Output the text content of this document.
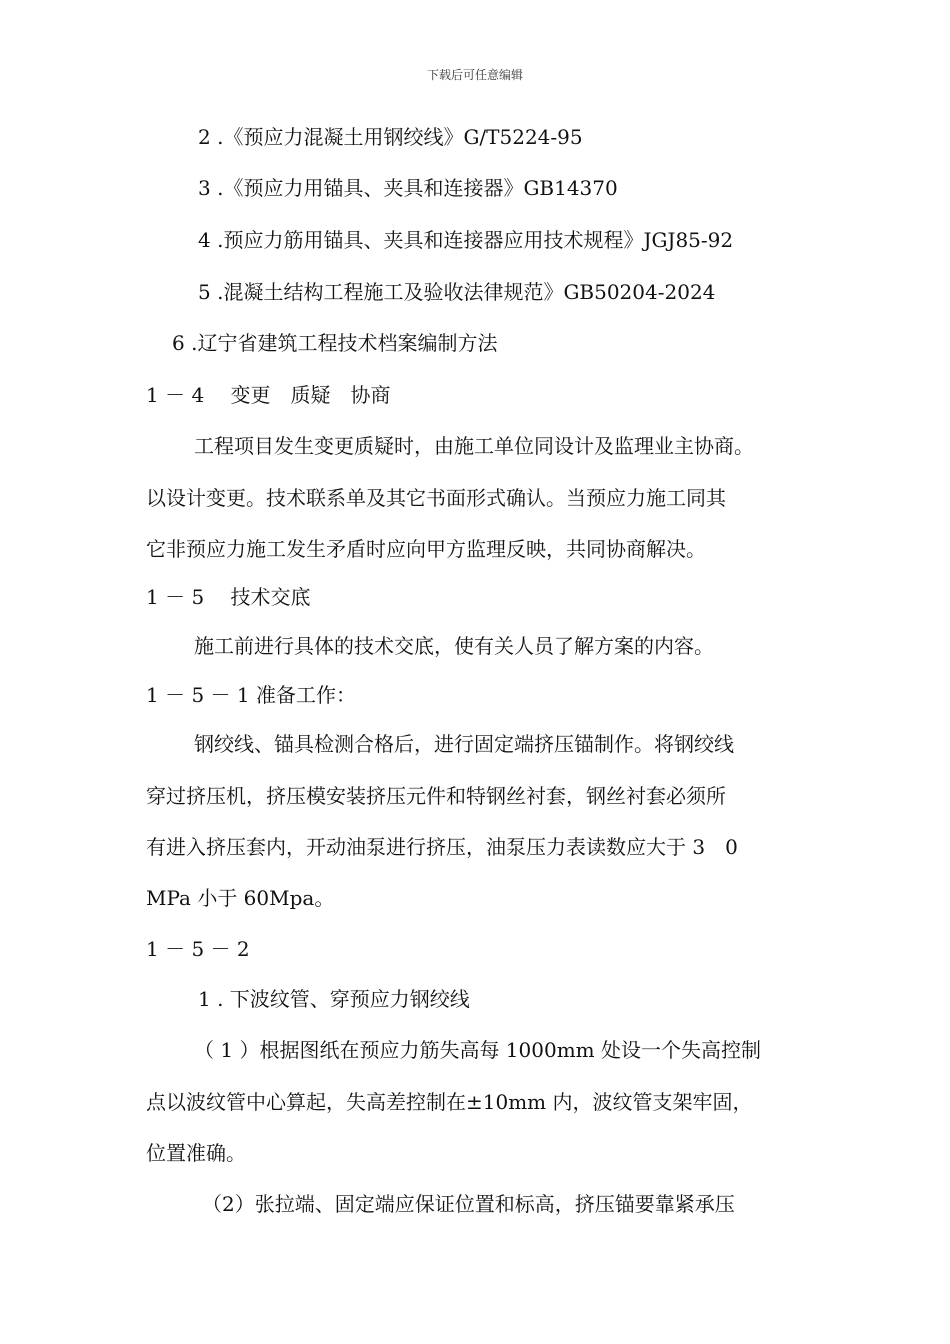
下载后可任意编辑
2 .《预应力混凝土用钢绞线》G/T5224-95
3 .《预应力用锚具、夹具和连接器》GB14370
4 .预应力筋用锚具、夹具和连接器应用技术规程》JGJ85-92
5 .混凝土结构工程施工及验收法律规范》GB50204-2024
6 .辽宁省建筑工程技术档案编制方法
1 － 4　 变更　质疑　协商
工程项目发生变更质疑时，由施工单位同设计及监理业主协商。
以设计变更。技术联系单及其它书面形式确认。当预应力施工同其
它非预应力施工发生矛盾时应向甲方监理反映，共同协商解决。
1 － 5　 技术交底
施工前进行具体的技术交底，使有关人员了解方案的内容。
1 － 5 － 1 准备工作：
钢绞线、锚具检测合格后，进行固定端挤压锚制作。将钢绞线
穿过挤压机，挤压模安装挤压元件和特钢丝衬套，钢丝衬套必须所
有进入挤压套内，开动油泵进行挤压，油泵压力表读数应大于 3　0
MPa 小于 60Mpa。
1 － 5 － 2
1 . 下波纹管、穿预应力钢绞线
（ 1 ）根据图纸在预应力筋失高每 1000mm 处设一个失高控制
点以波纹管中心算起，失高差控制在±10mm 内，波纹管支架牢固，
位置准确。
（2）张拉端、固定端应保证位置和标高，挤压锚要靠紧承压
